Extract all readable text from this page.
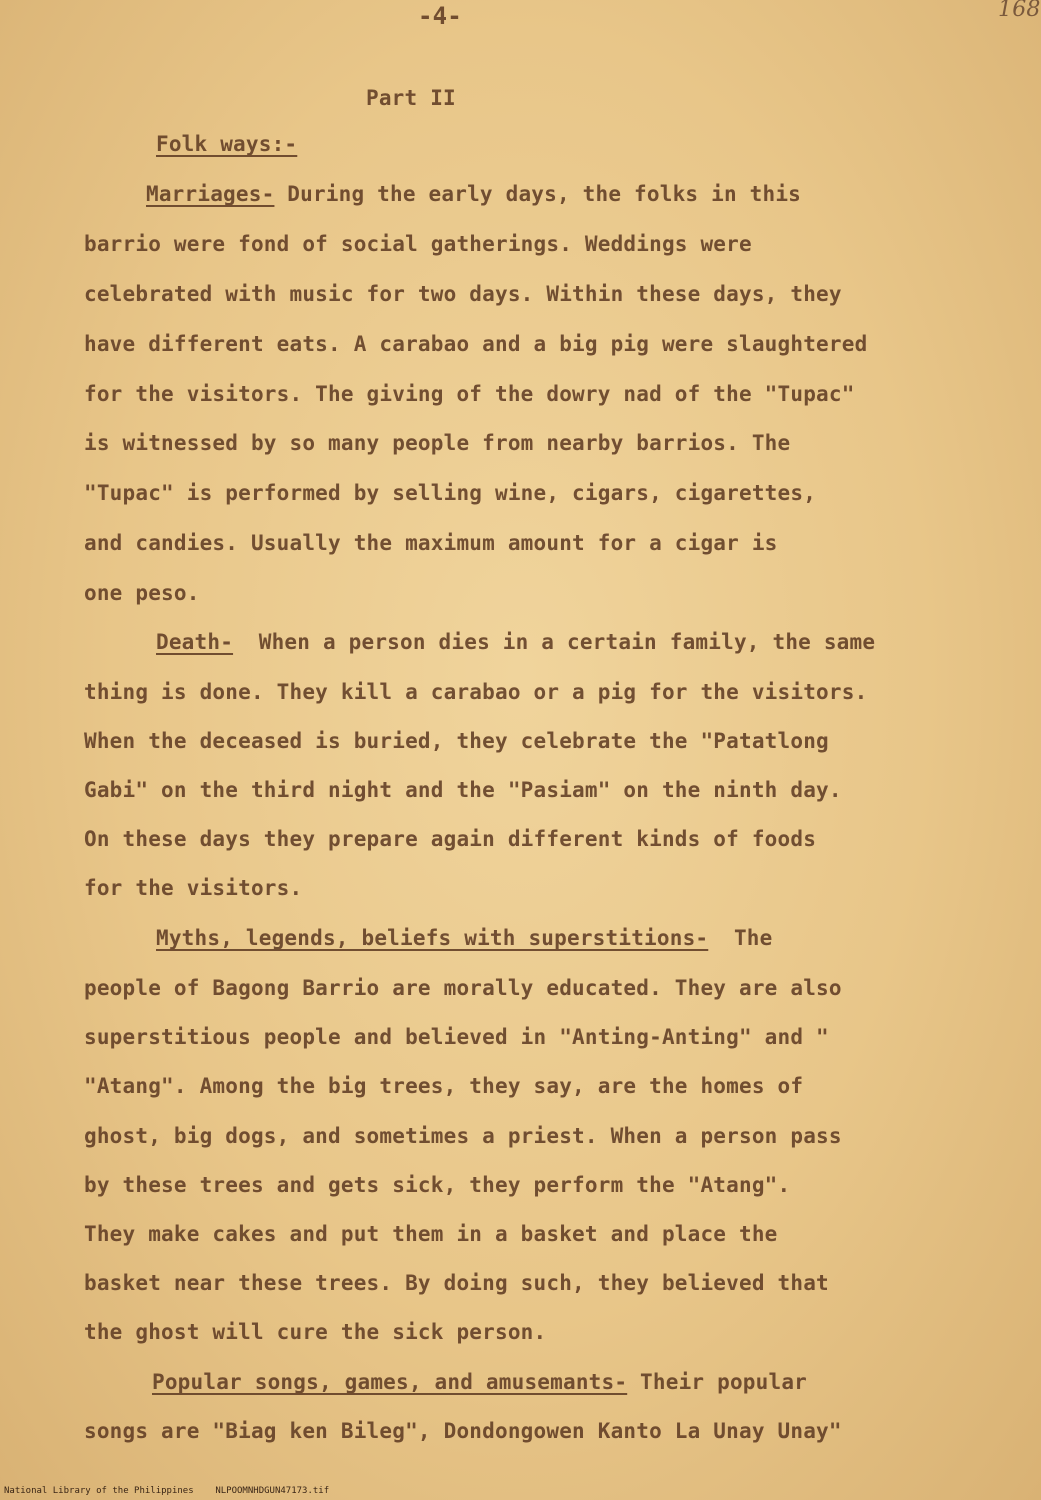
-4-	168

Part II

Folk ways:-

Marriages- During the early days, the folks in this

barrio were fond of social gatherings. Weddings were

celebrated with music for two days. Within these days, they

have different eats. A carabao and a big pig were slaughtered

for the visitors. The giving of the dowry nad of the "Tupac"

is witnessed by so many people from nearby barrios. The

"Tupac" is performed by selling wine, cigars, cigarettes,

and candies. Usually the maximum amount for a cigar is

one peso.

Death-  When a person dies in a certain family, the same

thing is done. They kill a carabao or a pig for the visitors.

When the deceased is buried, they celebrate the "Patatlong

Gabi" on the third night and the "Pasiam" on the ninth day.

On these days they prepare again different kinds of foods

for the visitors.

Myths, legends, beliefs with superstitions-  The

people of Bagong Barrio are morally educated. They are also

superstitious people and believed in "Anting-Anting" and "

"Atang". Among the big trees, they say, are the homes of

ghost, big dogs, and sometimes a priest. When a person pass

by these trees and gets sick, they perform the "Atang".

They make cakes and put them in a basket and place the

basket near these trees. By doing such, they believed that

the ghost will cure the sick person.

Popular songs, games, and amusemants- Their popular

songs are "Biag ken Bileg", Dondongowen Kanto La Unay Unay"

National Library of the Philippines NLPOOMNHDGUN47173.tif
